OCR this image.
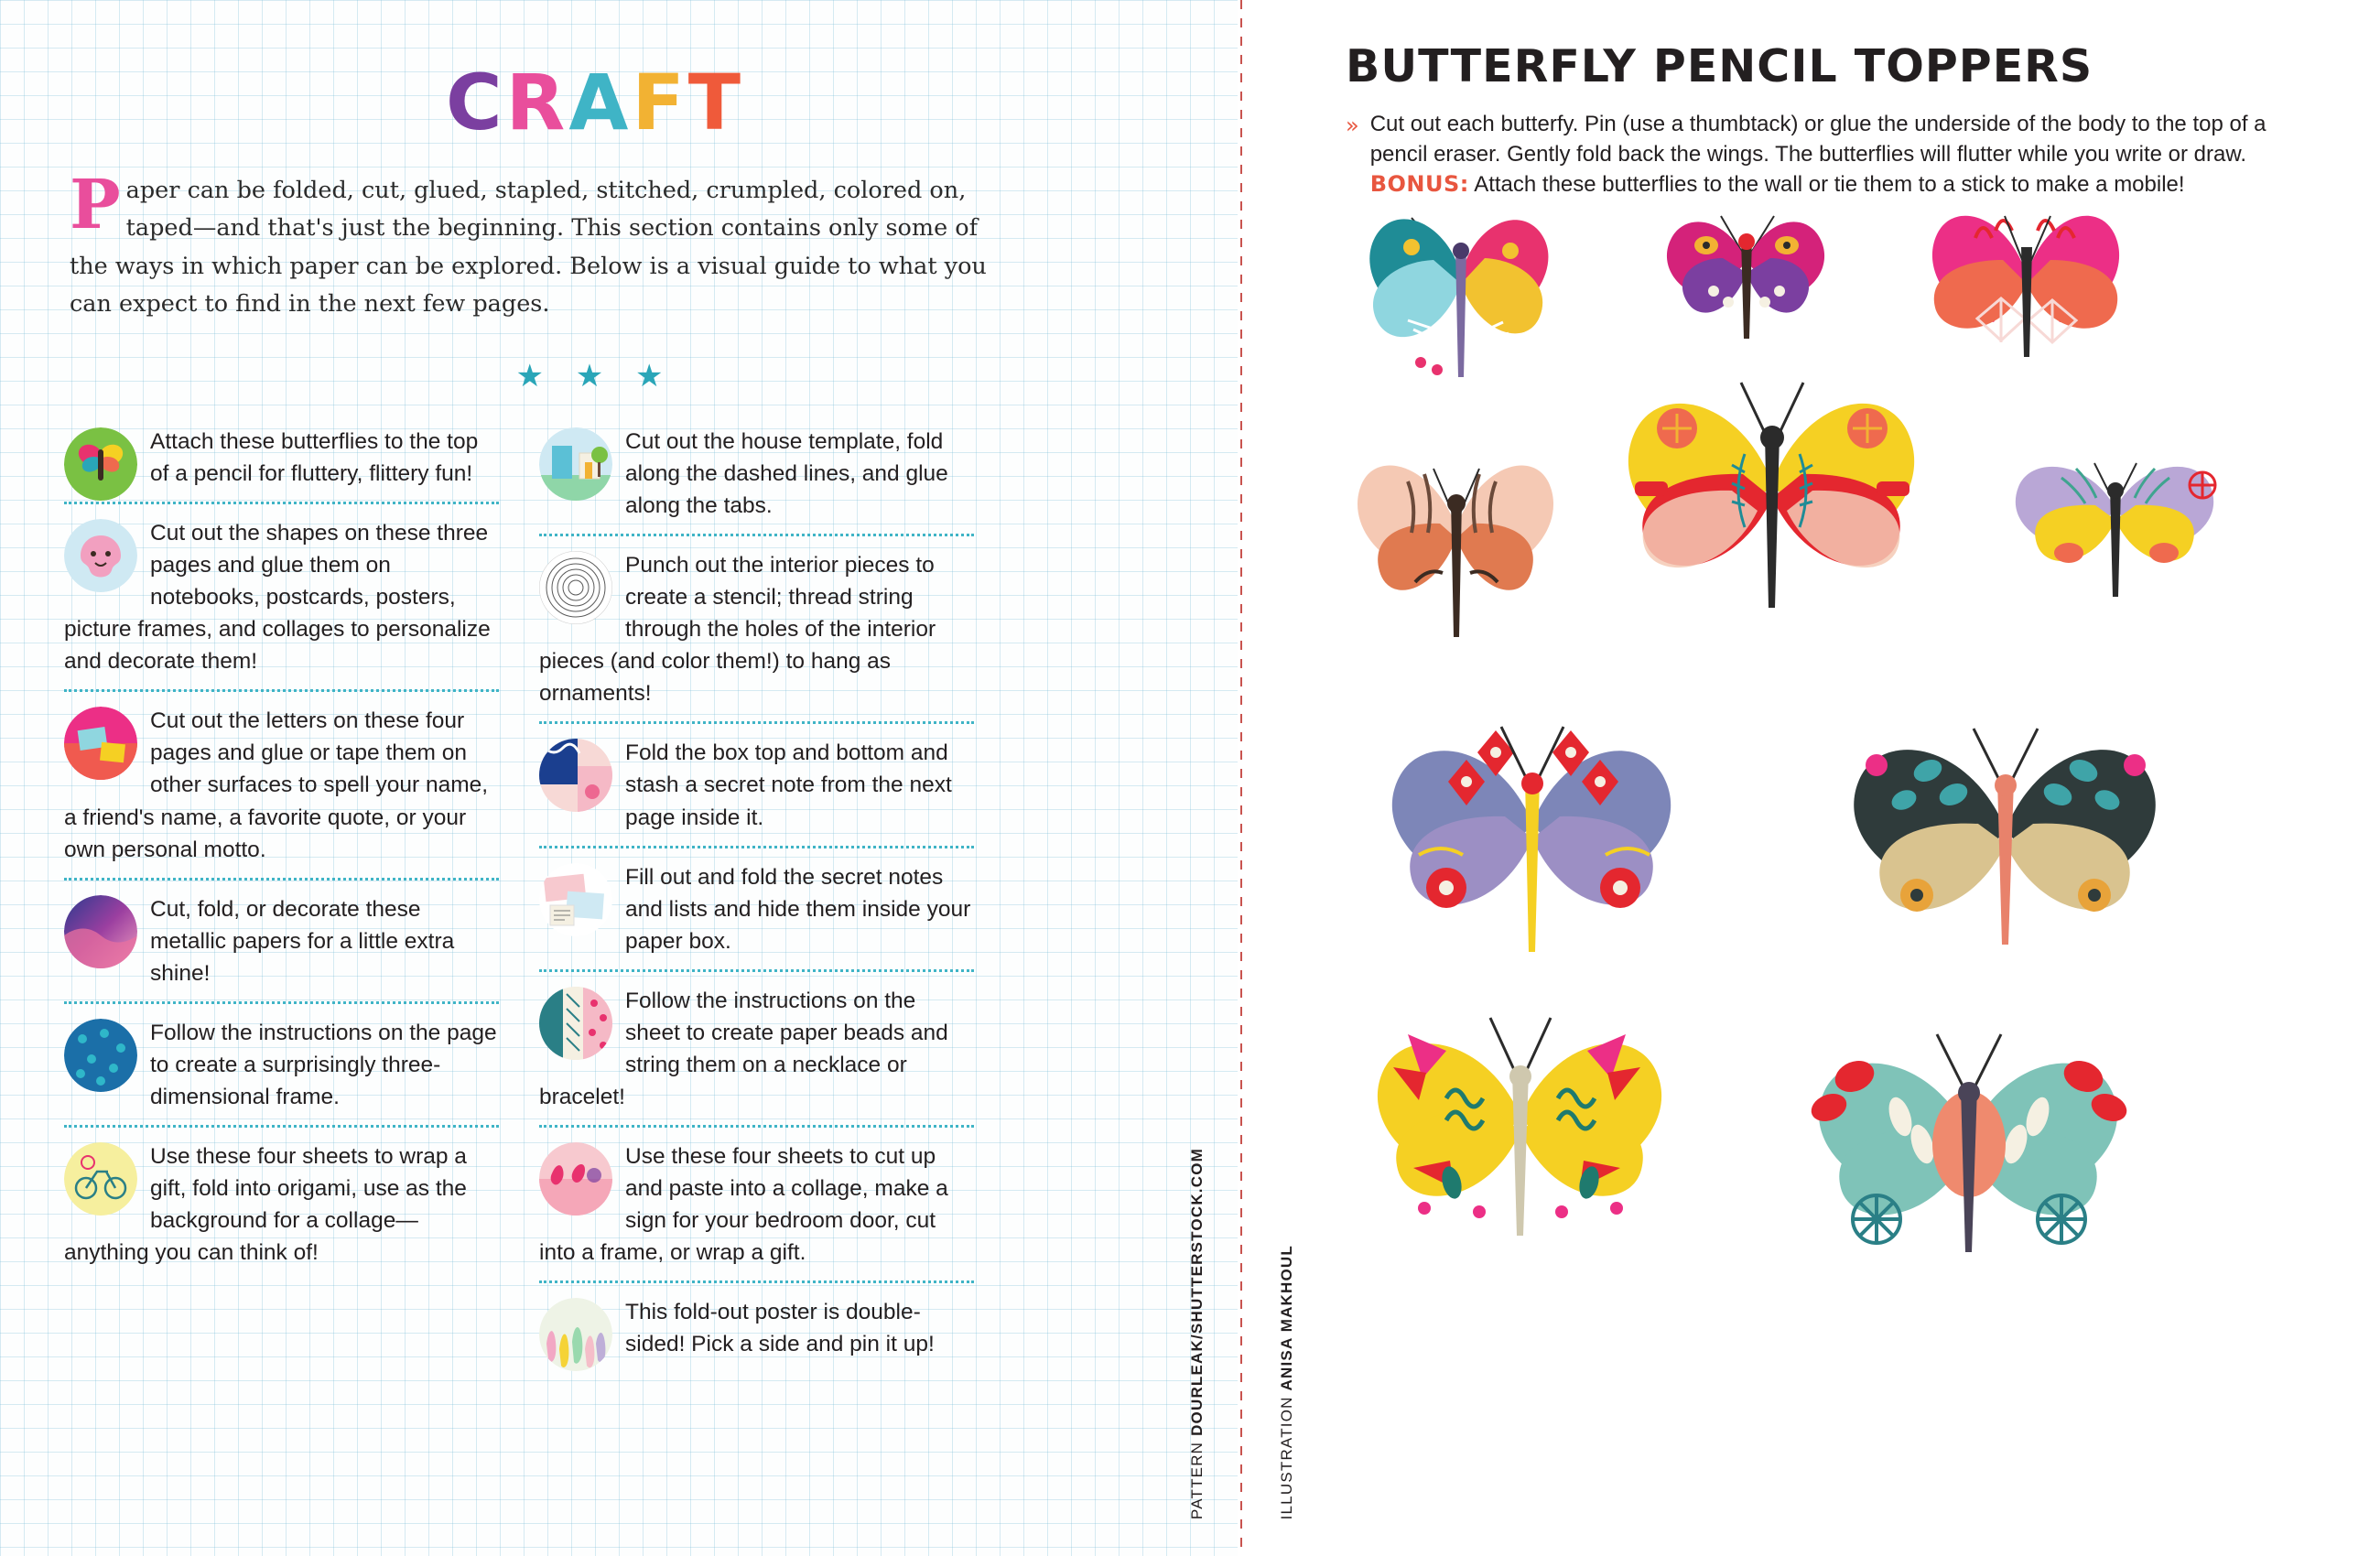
CRAFT
Paper can be folded, cut, glued, stapled, stitched, crumpled, colored on, taped—and that's just the beginning. This section contains only some of the ways in which paper can be explored. Below is a visual guide to what you can expect to find in the next few pages.
★ ★ ★
Attach these butterflies to the top of a pencil for fluttery, flittery fun!
Cut out the shapes on these three pages and glue them on notebooks, postcards, posters, picture frames, and collages to personalize and decorate them!
Cut out the letters on these four pages and glue or tape them on other surfaces to spell your name, a friend's name, a favorite quote, or your own personal motto.
Cut, fold, or decorate these metallic papers for a little extra shine!
Follow the instructions on the page to create a surprisingly three-dimensional frame.
Use these four sheets to wrap a gift, fold into origami, use as the background for a collage—anything you can think of!
Cut out the house template, fold along the dashed lines, and glue along the tabs.
Punch out the interior pieces to create a stencil; thread string through the holes of the interior pieces (and color them!) to hang as ornaments!
Fold the box top and bottom and stash a secret note from the next page inside it.
Fill out and fold the secret notes and lists and hide them inside your paper box.
Follow the instructions on the sheet to create paper beads and string them on a necklace or bracelet!
Use these four sheets to cut up and paste into a collage, make a sign for your bedroom door, cut into a frame, or wrap a gift.
This fold-out poster is double-sided! Pick a side and pin it up!
PATTERN DOURLEAK/SHUTTERSTOCK.COM
BUTTERFLY PENCIL TOPPERS
» Cut out each butterfy. Pin (use a thumbtack) or glue the underside of the body to the top of a pencil eraser. Gently fold back the wings. The butterflies will flutter while you write or draw. BONUS: Attach these butterflies to the wall or tie them to a stick to make a mobile!
ILLUSTRATION ANISA MAKHOUL
